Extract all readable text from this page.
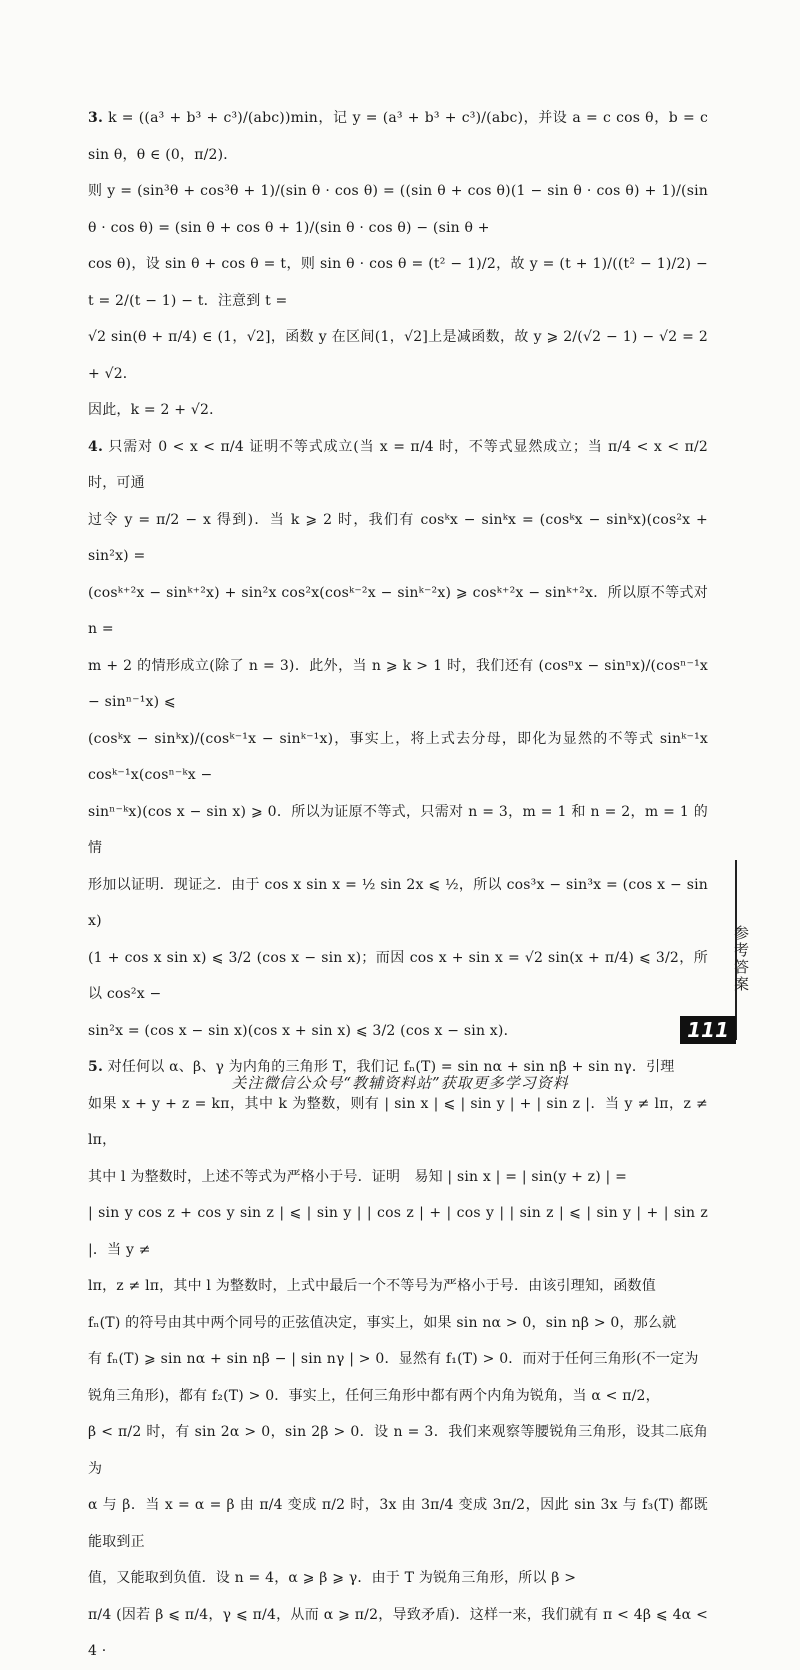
3. k = ((a³ + b³ + c³)/(abc))min，记 y = (a³ + b³ + c³)/(abc)，并设 a = c cos θ，b = c sin θ，θ ∈ (0，π/2)．

则 y = (sin³θ + cos³θ + 1)/(sin θ · cos θ) = ((sin θ + cos θ)(1 − sin θ · cos θ) + 1)/(sin θ · cos θ) = (sin θ + cos θ + 1)/(sin θ · cos θ) − (sin θ +

cos θ)，设 sin θ + cos θ = t，则 sin θ · cos θ = (t² − 1)/2，故 y = (t + 1)/((t² − 1)/2) − t = 2/(t − 1) − t．注意到 t =

√2 sin(θ + π/4) ∈ (1，√2]，函数 y 在区间(1，√2]上是减函数，故 y ⩾ 2/(√2 − 1) − √2 = 2 + √2．

因此，k = 2 + √2．

4. 只需对 0 < x < π/4 证明不等式成立(当 x = π/4 时，不等式显然成立；当 π/4 < x < π/2 时，可通

过令 y = π/2 − x 得到)．当 k ⩾ 2 时，我们有 cosᵏx − sinᵏx = (cosᵏx − sinᵏx)(cos²x + sin²x) =

(cosᵏ⁺²x − sinᵏ⁺²x) + sin²x cos²x(cosᵏ⁻²x − sinᵏ⁻²x) ⩾ cosᵏ⁺²x − sinᵏ⁺²x．所以原不等式对 n =

m + 2 的情形成立(除了 n = 3)．此外，当 n ⩾ k > 1 时，我们还有 (cosⁿx − sinⁿx)/(cosⁿ⁻¹x − sinⁿ⁻¹x) ⩽

(cosᵏx − sinᵏx)/(cosᵏ⁻¹x − sinᵏ⁻¹x)，事实上，将上式去分母，即化为显然的不等式 sinᵏ⁻¹x cosᵏ⁻¹x(cosⁿ⁻ᵏx −

sinⁿ⁻ᵏx)(cos x − sin x) ⩾ 0．所以为证原不等式，只需对 n = 3，m = 1 和 n = 2，m = 1 的情

形加以证明．现证之．由于 cos x sin x = ½ sin 2x ⩽ ½，所以 cos³x − sin³x = (cos x − sin x)

(1 + cos x sin x) ⩽ 3/2 (cos x − sin x)；而因 cos x + sin x = √2 sin(x + π/4) ⩽ 3/2，所以 cos²x −

sin²x = (cos x − sin x)(cos x + sin x) ⩽ 3/2 (cos x − sin x)．

5. 对任何以 α、β、γ 为内角的三角形 T，我们记 fₙ(T) = sin nα + sin nβ + sin nγ．引理

如果 x + y + z = kπ，其中 k 为整数，则有 | sin x | ⩽ | sin y | + | sin z |．当 y ≠ lπ，z ≠ lπ，

其中 l 为整数时，上述不等式为严格小于号．证明　易知 | sin x | = | sin(y + z) | =

| sin y cos z + cos y sin z | ⩽ | sin y | | cos z | + | cos y | | sin z | ⩽ | sin y | + | sin z |．当 y ≠

lπ，z ≠ lπ，其中 l 为整数时，上式中最后一个不等号为严格小于号．由该引理知，函数值

fₙ(T) 的符号由其中两个同号的正弦值决定，事实上，如果 sin nα > 0，sin nβ > 0，那么就

有 fₙ(T) ⩾ sin nα + sin nβ − | sin nγ | > 0．显然有 f₁(T) > 0．而对于任何三角形(不一定为

锐角三角形)，都有 f₂(T) > 0．事实上，任何三角形中都有两个内角为锐角，当 α < π/2，

β < π/2 时，有 sin 2α > 0，sin 2β > 0．设 n = 3．我们来观察等腰锐角三角形，设其二底角为

α 与 β．当 x = α = β 由 π/4 变成 π/2 时，3x 由 3π/4 变成 3π/2，因此 sin 3x 与 f₃(T) 都既能取到正

值，又能取到负值．设 n = 4，α ⩾ β ⩾ γ．由于 T 为锐角三角形，所以 β >

π/4 (因若 β ⩽ π/4，γ ⩽ π/4，从而 α ⩾ π/2，导致矛盾)．这样一来，我们就有 π < 4β ⩽ 4α < 4 ·

参考答案
111
关注微信公众号“教辅资料站”获取更多学习资料
